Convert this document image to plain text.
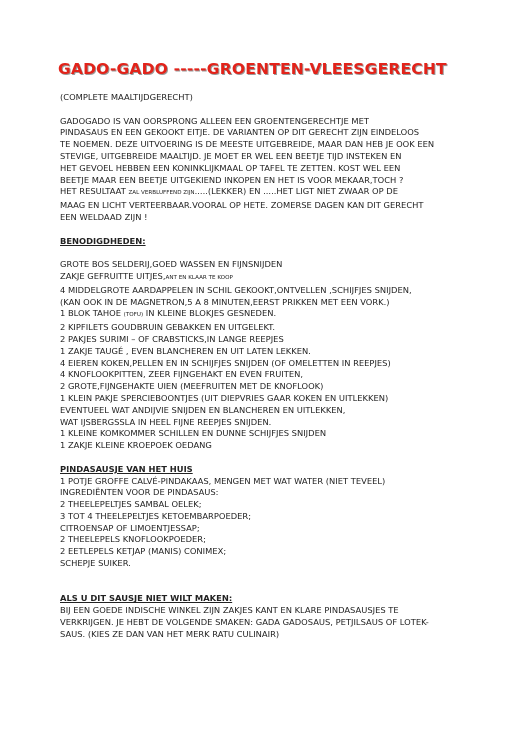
GADO-GADO -----GROENTEN-VLEESGERECHT

(COMPLETE MAALTIJDGERECHT)

GADOGADO IS VAN OORSPRONG ALLEEN EEN GROENTENGERECHTJE MET

PINDASAUS EN EEN GEKOOKT EITJE. DE VARIANTEN OP DIT GERECHT ZIJN EINDELOOS

TE NOEMEN. DEZE UITVOERING IS DE MEESTE UITGEBREIDE, MAAR DAN HEB JE OOK EEN

STEVIGE, UITGEBREIDE MAALTIJD. JE MOET ER WEL EEN BEETJE TIJD INSTEKEN EN

HET GEVOEL HEBBEN EEN KONINKLIJKMAAL OP TAFEL TE ZETTEN. KOST WEL EEN

BEETJE MAAR EEN BEETJE UITGEKIEND INKOPEN EN HET IS VOOR MEKAAR,TOCH ?

HET RESULTAAT ZAL VERBLUFFEND ZIJN.....(LEKKER) EN .....HET LIGT NIET ZWAAR OP DE

MAAG EN LICHT VERTEERBAAR.VOORAL OP HETE. ZOMERSE DAGEN KAN DIT GERECHT

EEN WELDAAD ZIJN !

BENODIGDHEDEN:

GROTE BOS SELDERIJ,GOED WASSEN EN FIJNSNIJDEN

ZAKJE GEFRUITTE UITJES,ANT EN KLAAR TE KOOP

4 MIDDELGROTE AARDAPPELEN IN SCHIL GEKOOKT,ONTVELLEN ,SCHIJFJES SNIJDEN,

(KAN OOK IN DE MAGNETRON,5 A 8 MINUTEN,EERST PRIKKEN MET EEN VORK.)

1 BLOK TAHOE (TOFU) IN KLEINE BLOKJES GESNEDEN.

2 KIPFILETS GOUDBRUIN GEBAKKEN EN UITGELEKT.

2 PAKJES SURIMI – OF CRABSTICKS,IN LANGE REEPJES

1 ZAKJE TAUGÉ , EVEN BLANCHEREN EN UIT LATEN LEKKEN.

4 EIEREN KOKEN,PELLEN EN IN SCHIJFJES SNIJDEN (OF OMELETTEN IN REEPJES)

4 KNOFLOOKPITTEN, ZEER FIJNGEHAKT EN EVEN FRUITEN,

2 GROTE,FIJNGEHAKTE UIEN (MEEFRUITEN MET DE KNOFLOOK)

1 KLEIN PAKJE SPERCIEBOONTJES (UIT DIEPVRIES GAAR KOKEN EN UITLEKKEN)

EVENTUEEL WAT ANDIJVIE SNIJDEN EN BLANCHEREN EN UITLEKKEN,

WAT IJSBERGSSLA IN HEEL FIJNE REEPJES SNIJDEN.

1 KLEINE KOMKOMMER SCHILLEN EN DUNNE SCHIJFJES SNIJDEN

1 ZAKJE KLEINE KROEPOEK OEDANG

PINDASAUSJE VAN HET HUIS

1 POTJE GROFFE CALVÉ-PINDAKAAS, MENGEN MET WAT WATER (NIET TEVEEL)

INGREDIËNTEN VOOR DE PINDASAUS:

2 THEELEPELTJES SAMBAL OELEK;

3 TOT 4 THEELEPELTJES KETOEMBARPOEDER;

CITROENSAP OF LIMOENTJESSAP;

2 THEELEPELS KNOFLOOKPOEDER;

2 EETLEPELS KETJAP (MANIS) CONIMEX;

SCHEPJE SUIKER.

ALS U DIT SAUSJE NIET WILT MAKEN:

BIJ EEN GOEDE INDISCHE WINKEL ZIJN ZAKJES KANT EN KLARE PINDASAUSJES TE

VERKRIJGEN. JE HEBT DE VOLGENDE SMAKEN: GADA GADOSAUS, PETJILSAUS OF LOTEK-

SAUS. (KIES ZE DAN VAN HET MERK RATU CULINAIR)
